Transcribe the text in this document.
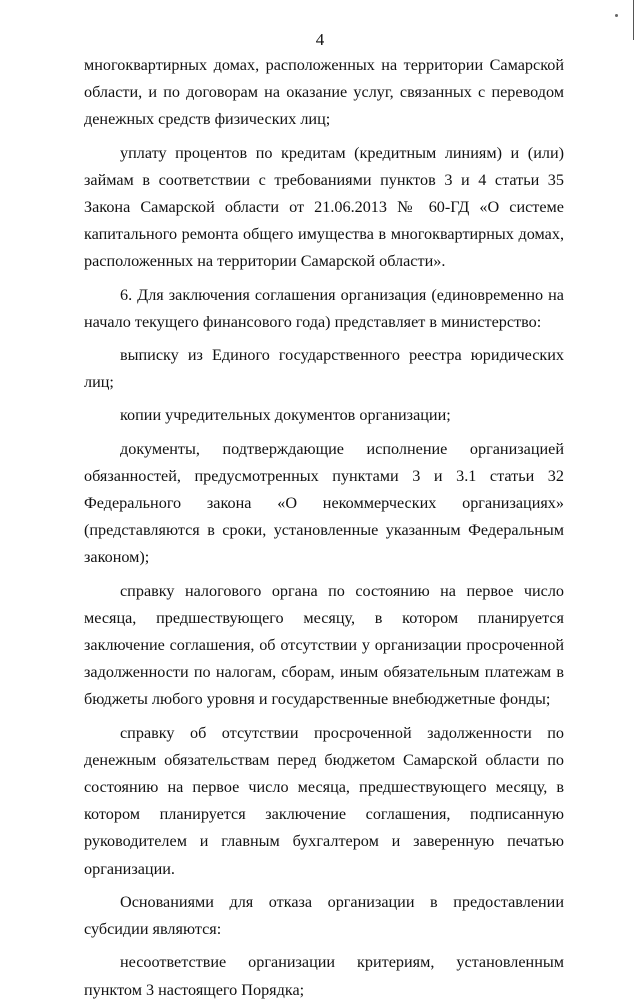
4

многоквартирных домах, расположенных на территории Самарской области, и по договорам на оказание услуг, связанных с переводом денежных средств физических лиц;

уплату процентов по кредитам (кредитным линиям) и (или) займам в соответствии с требованиями пунктов 3 и 4 статьи 35 Закона Самарской области от 21.06.2013 № 60-ГД «О системе капитального ремонта общего имущества в многоквартирных домах, расположенных на территории Самарской области».

6. Для заключения соглашения организация (единовременно на начало текущего финансового года) представляет в министерство:

выписку из Единого государственного реестра юридических лиц;

копии учредительных документов организации;

документы, подтверждающие исполнение организацией обязанностей, предусмотренных пунктами 3 и 3.1 статьи 32 Федерального закона «О некоммерческих организациях» (представляются в сроки, установленные указанным Федеральным законом);

справку налогового органа по состоянию на первое число месяца, предшествующего месяцу, в котором планируется заключение соглашения, об отсутствии у организации просроченной задолженности по налогам, сборам, иным обязательным платежам в бюджеты любого уровня и государственные внебюджетные фонды;

справку об отсутствии просроченной задолженности по денежным обязательствам перед бюджетом Самарской области по состоянию на первое число месяца, предшествующего месяцу, в котором планируется заключение соглашения, подписанную руководителем и главным бухгалтером и заверенную печатью организации.

Основаниями для отказа организации в предоставлении субсидии являются:

несоответствие организации критериям, установленным пунктом 3 настоящего Порядка;
